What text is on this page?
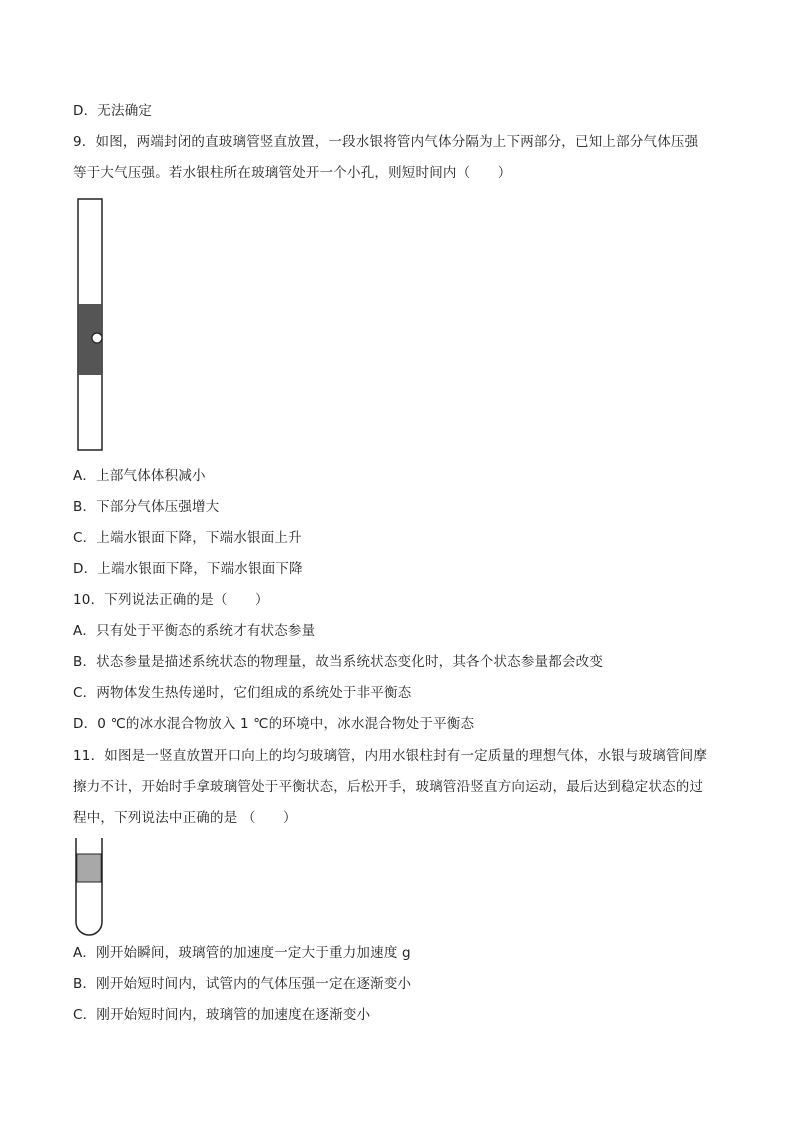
D．无法确定
9．如图，两端封闭的直玻璃管竖直放置，一段水银将管内气体分隔为上下两部分，已知上部分气体压强
等于大气压强。若水银柱所在玻璃管处开一个小孔，则短时间内（　　）
A．上部气体体积减小
B．下部分气体压强增大
C．上端水银面下降，下端水银面上升
D．上端水银面下降，下端水银面下降
10．下列说法正确的是（　　）
A．只有处于平衡态的系统才有状态参量
B．状态参量是描述系统状态的物理量，故当系统状态变化时，其各个状态参量都会改变
C．两物体发生热传递时，它们组成的系统处于非平衡态
D．0 ℃的冰水混合物放入 1 ℃的环境中，冰水混合物处于平衡态
11．如图是一竖直放置开口向上的均匀玻璃管，内用水银柱封有一定质量的理想气体，水银与玻璃管间摩
擦力不计，开始时手拿玻璃管处于平衡状态，后松开手，玻璃管沿竖直方向运动，最后达到稳定状态的过
程中，下列说法中正确的是 （　　）
A．刚开始瞬间，玻璃管的加速度一定大于重力加速度 g
B．刚开始短时间内，试管内的气体压强一定在逐渐变小
C．刚开始短时间内，玻璃管的加速度在逐渐变小
